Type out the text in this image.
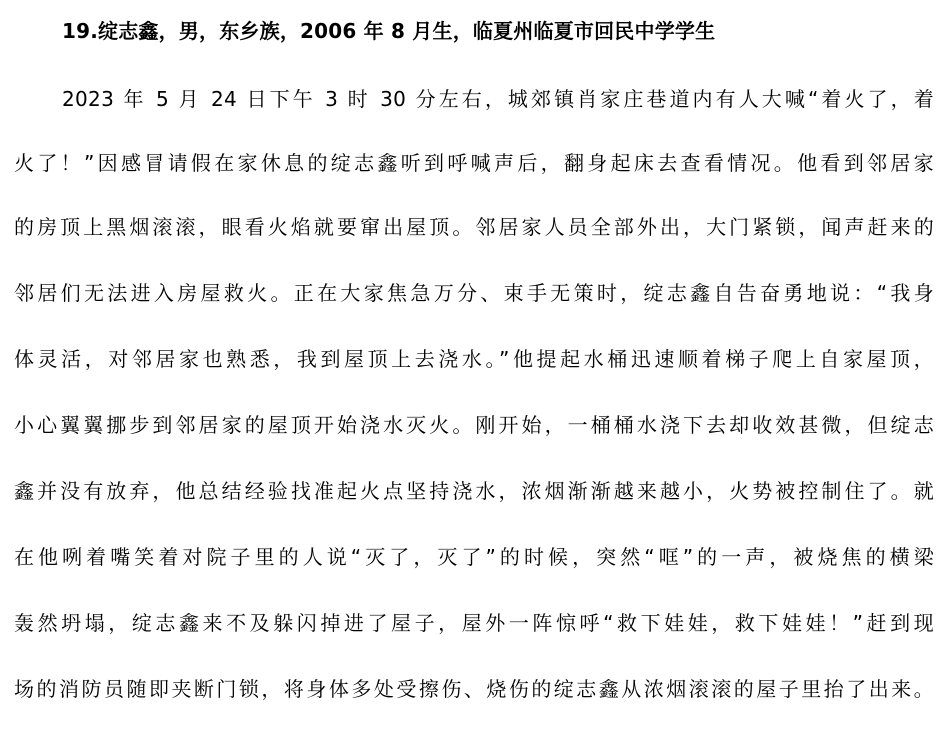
19.绽志鑫，男，东乡族，2006 年 8 月生，临夏州临夏市回民中学学生
2023 年 5 月 24 日下午 3 时 30 分左右，城郊镇肖家庄巷道内有人大喊“着火了，着
火了！”因感冒请假在家休息的绽志鑫听到呼喊声后，翻身起床去查看情况。他看到邻居家
的房顶上黑烟滚滚，眼看火焰就要窜出屋顶。邻居家人员全部外出，大门紧锁，闻声赶来的
邻居们无法进入房屋救火。正在大家焦急万分、束手无策时，绽志鑫自告奋勇地说：“我身
体灵活，对邻居家也熟悉，我到屋顶上去浇水。”他提起水桶迅速顺着梯子爬上自家屋顶，
小心翼翼挪步到邻居家的屋顶开始浇水灭火。刚开始，一桶桶水浇下去却收效甚微，但绽志
鑫并没有放弃，他总结经验找准起火点坚持浇水，浓烟渐渐越来越小，火势被控制住了。就
在他咧着嘴笑着对院子里的人说“灭了，灭了”的时候，突然“哐”的一声，被烧焦的横梁
轰然坍塌，绽志鑫来不及躲闪掉进了屋子，屋外一阵惊呼“救下娃娃，救下娃娃！”赶到现
场的消防员随即夹断门锁，将身体多处受擦伤、烧伤的绽志鑫从浓烟滚滚的屋子里抬了出来。
